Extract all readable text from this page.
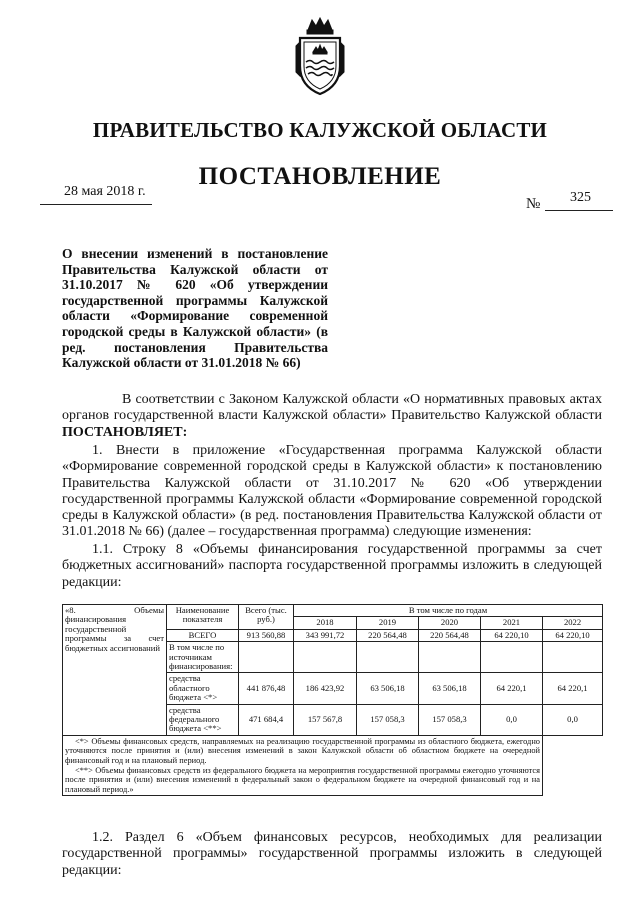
ПРАВИТЕЛЬСТВО КАЛУЖСКОЙ ОБЛАСТИ
ПОСТАНОВЛЕНИЕ
28 мая 2018 г.
№ 325
О внесении изменений в постановление Правительства Калужской области от 31.10.2017 № 620 «Об утверждении государственной программы Калужской области «Формирование современной городской среды в Калужской области» (в ред. постановления Правительства Калужской области от 31.01.2018 № 66)
В соответствии с Законом Калужской области «О нормативных правовых актах органов государственной власти Калужской области» Правительство Калужской области ПОСТАНОВЛЯЕТ:
1. Внести в приложение «Государственная программа Калужской области «Формирование современной городской среды в Калужской области» к постановлению Правительства Калужской области от 31.10.2017 № 620 «Об утверждении государственной программы Калужской области «Формирование современной городской среды в Калужской области» (в ред. постановления Правительства Калужской области от 31.01.2018 № 66) (далее – государственная программа) следующие изменения:
1.1. Строку 8 «Объемы финансирования государственной программы за счет бюджетных ассигнований» паспорта государственной программы изложить в следующей редакции:
«8. Объемы финансирования государственной программы за счет бюджетных ассигнований	Наименование показателя	Всего (тыс. руб.)	В том числе по годам				
			2018	2019	2020	2021	2022
	ВСЕГО	913 560,88	343 991,72	220 564,48	220 564,48	64 220,10	64 220,10
	В том числе по источникам финансирования:						
	средства областного бюджета <*>	441 876,48	186 423,92	63 506,18	63 506,18	64 220,1	64 220,1
	средства федерального бюджета <**>	471 684,4	157 567,8	157 058,3	157 058,3	0,0	0,0

<*> Объемы финансовых средств, направляемых на реализацию государственной программы из областного бюджета, ежегодно уточняются после принятия и (или) внесения изменений в закон Калужской области об областном бюджете на очередной финансовый год и на плановый период.
<**> Объемы финансовых средств из федерального бюджета на мероприятия государственной программы ежегодно уточняются после принятия и (или) внесения изменений в федеральный закон о федеральном бюджете на очередной финансовый год и на плановый период.»							
1.2. Раздел 6 «Объем финансовых ресурсов, необходимых для реализации государственной программы» государственной программы изложить в следующей редакции:
